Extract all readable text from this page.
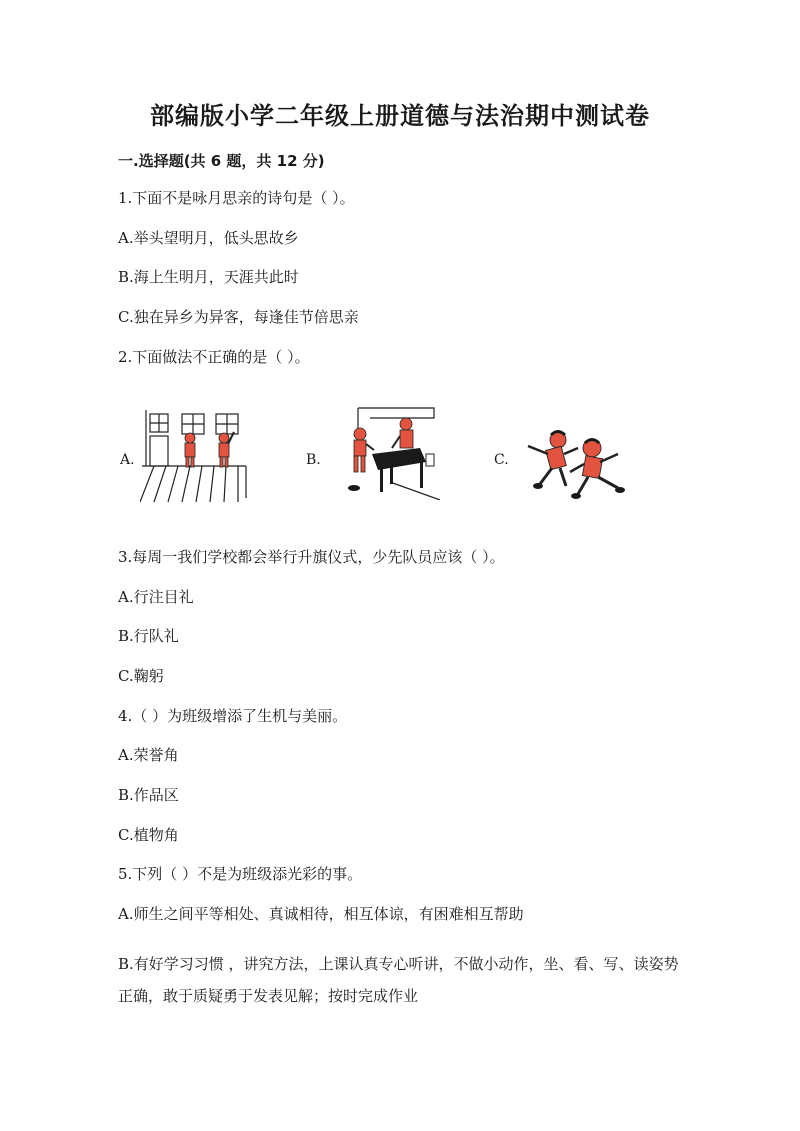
部编版小学二年级上册道德与法治期中测试卷
一.选择题(共 6 题，共 12 分)
1.下面不是咏月思亲的诗句是（ ）。
A.举头望明月，低头思故乡
B.海上生明月，天涯共此时
C.独在异乡为异客，每逢佳节倍思亲
2.下面做法不正确的是（ ）。
A.	B.	C.
3.每周一我们学校都会举行升旗仪式，少先队员应该（ ）。
A.行注目礼
B.行队礼
C.鞠躬
4.（ ）为班级增添了生机与美丽。
A.荣誉角
B.作品区
C.植物角
5.下列（ ）不是为班级添光彩的事。
A.师生之间平等相处、真诚相待，相互体谅，有困难相互帮助
B.有好学习习惯 ，讲究方法，上课认真专心听讲，不做小动作，坐、看、写、读姿势正确，敢于质疑勇于发表见解；按时完成作业
